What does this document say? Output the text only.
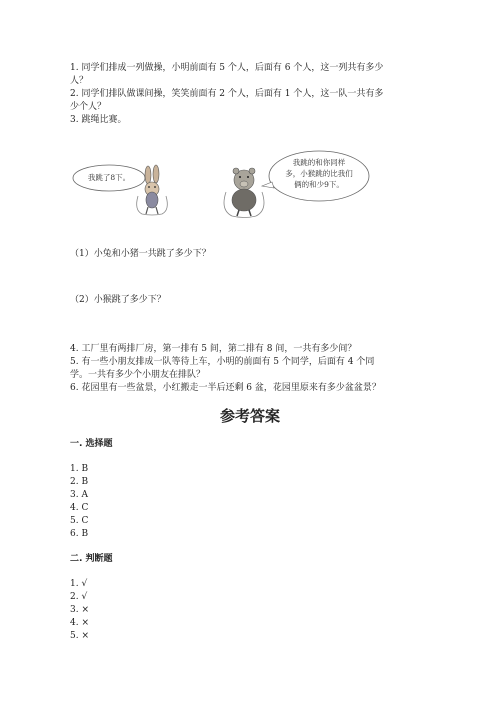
1. 同学们排成一列做操，小明前面有 5 个人，后面有 6 个人，这一列共有多少
人？
2. 同学们排队做课间操，笑笑前面有 2 个人，后面有 1 个人，这一队一共有多
少个人？
3. 跳绳比赛。
我跳了8下。
我跳的和你同样
多，小猴跳的比我们
俩的和少9下。
（1）小兔和小猪一共跳了多少下？
（2）小猴跳了多少下？
4. 工厂里有两排厂房，第一排有 5 间，第二排有 8 间，一共有多少间？
5. 有一些小朋友排成一队等待上车，小明的前面有 5 个同学，后面有 4 个同
学。一共有多少个小朋友在排队？
6. 花园里有一些盆景，小红搬走一半后还剩 6 盆，花园里原来有多少盆盆景？
参考答案
一. 选择题
1. B
2. B
3. A
4. C
5. C
6. B
二. 判断题
1. √
2. √
3. ×
4. ×
5. ×
